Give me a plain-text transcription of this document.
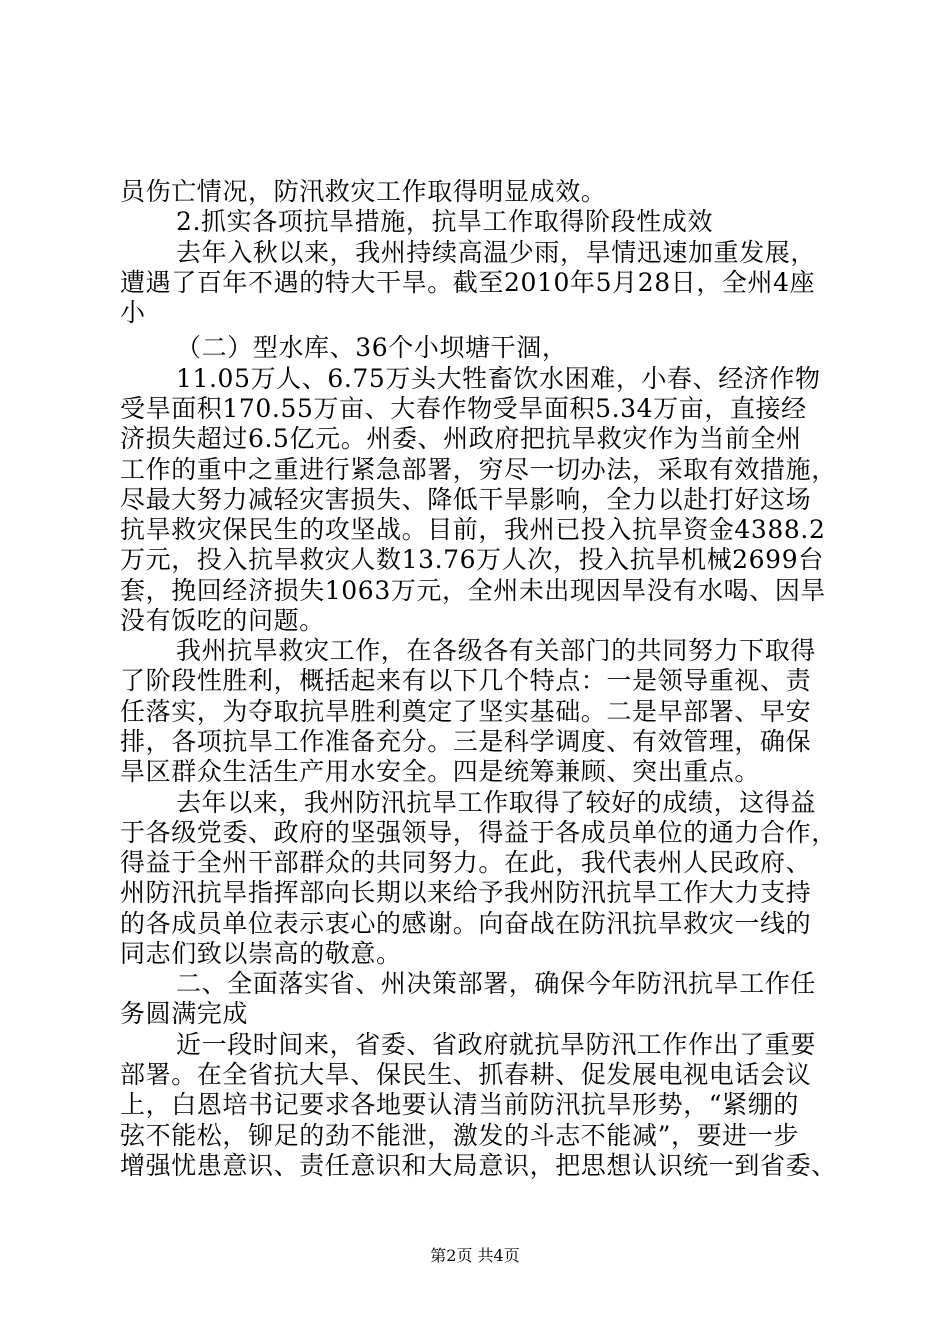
员伤亡情况，防汛救灾工作取得明显成效。
2.抓实各项抗旱措施，抗旱工作取得阶段性成效
去年入秋以来，我州持续高温少雨，旱情迅速加重发展，
遭遇了百年不遇的特大干旱。截至2010年5月28日，全州4座
小
（二）型水库、36个小坝塘干涸，
11.05万人、6.75万头大牲畜饮水困难，小春、经济作物
受旱面积170.55万亩、大春作物受旱面积5.34万亩，直接经
济损失超过6.5亿元。州委、州政府把抗旱救灾作为当前全州
工作的重中之重进行紧急部署，穷尽一切办法，采取有效措施，
尽最大努力减轻灾害损失、降低干旱影响，全力以赴打好这场
抗旱救灾保民生的攻坚战。目前，我州已投入抗旱资金4388.2
万元，投入抗旱救灾人数13.76万人次，投入抗旱机械2699台
套，挽回经济损失1063万元，全州未出现因旱没有水喝、因旱
没有饭吃的问题。
我州抗旱救灾工作，在各级各有关部门的共同努力下取得
了阶段性胜利，概括起来有以下几个特点：一是领导重视、责
任落实，为夺取抗旱胜利奠定了坚实基础。二是早部署、早安
排，各项抗旱工作准备充分。三是科学调度、有效管理，确保
旱区群众生活生产用水安全。四是统筹兼顾、突出重点。
去年以来，我州防汛抗旱工作取得了较好的成绩，这得益
于各级党委、政府的坚强领导，得益于各成员单位的通力合作，
得益于全州干部群众的共同努力。在此，我代表州人民政府、
州防汛抗旱指挥部向长期以来给予我州防汛抗旱工作大力支持
的各成员单位表示衷心的感谢。向奋战在防汛抗旱救灾一线的
同志们致以崇高的敬意。
二、全面落实省、州决策部署，确保今年防汛抗旱工作任
务圆满完成
近一段时间来，省委、省政府就抗旱防汛工作作出了重要
部署。在全省抗大旱、保民生、抓春耕、促发展电视电话会议
上，白恩培书记要求各地要认清当前防汛抗旱形势，“紧绷的
弦不能松，铆足的劲不能泄，激发的斗志不能减”，要进一步
增强忧患意识、责任意识和大局意识，把思想认识统一到省委、
第2页 共4页
